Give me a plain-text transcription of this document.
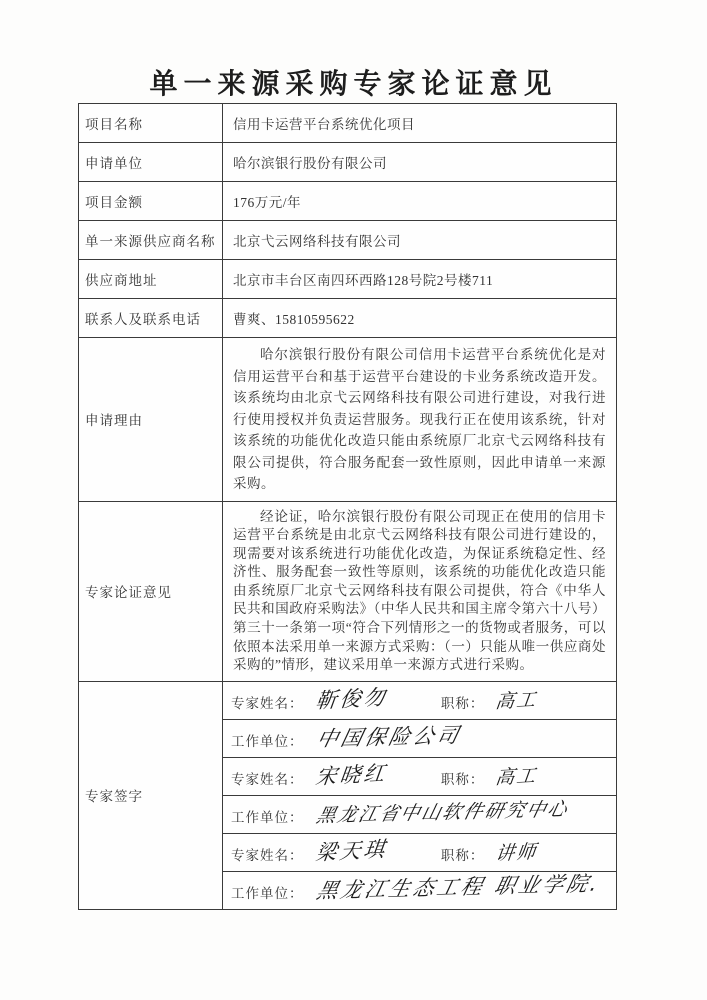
单一来源采购专家论证意见
项目名称	信用卡运营平台系统优化项目
申请单位	哈尔滨银行股份有限公司
项目金额	176万元/年
单一来源供应商名称	北京弋云网络科技有限公司
供应商地址	北京市丰台区南四环西路128号院2号楼711
联系人及联系电话	曹爽、15810595622
申请理由	
哈尔滨银行股份有限公司信用卡运营平台系统优化是对信用运营平台和基于运营平台建设的卡业务系统改造开发。该系统均由北京弋云网络科技有限公司进行建设，对我行进行使用授权并负责运营服务。现我行正在使用该系统，针对该系统的功能优化改造只能由系统原厂北京弋云网络科技有限公司提供，符合服务配套一致性原则，因此申请单一来源采购。

专家论证意见	
经论证，哈尔滨银行股份有限公司现正在使用的信用卡运营平台系统是由北京弋云网络科技有限公司进行建设的，现需要对该系统进行功能优化改造，为保证系统稳定性、经济性、服务配套一致性等原则，该系统的功能优化改造只能由系统原厂北京弋云网络科技有限公司提供，符合《中华人民共和国政府采购法》（中华人民共和国主席令第六十八号）第三十一条第一项“符合下列情形之一的货物或者服务，可以依照本法采用单一来源方式采购：（一）只能从唯一供应商处采购的”情形，建议采用单一来源方式进行采购。

专家签字	
专家姓名： 靳俊勿	职称： 高工
工作单位： 中国保险公司
专家姓名： 宋晓红	职称： 高工
工作单位： 黑龙江省中山软件研究中心
专家姓名： 梁天琪	职称： 讲师
工作单位： 黑龙江生态工程 职业学院.
